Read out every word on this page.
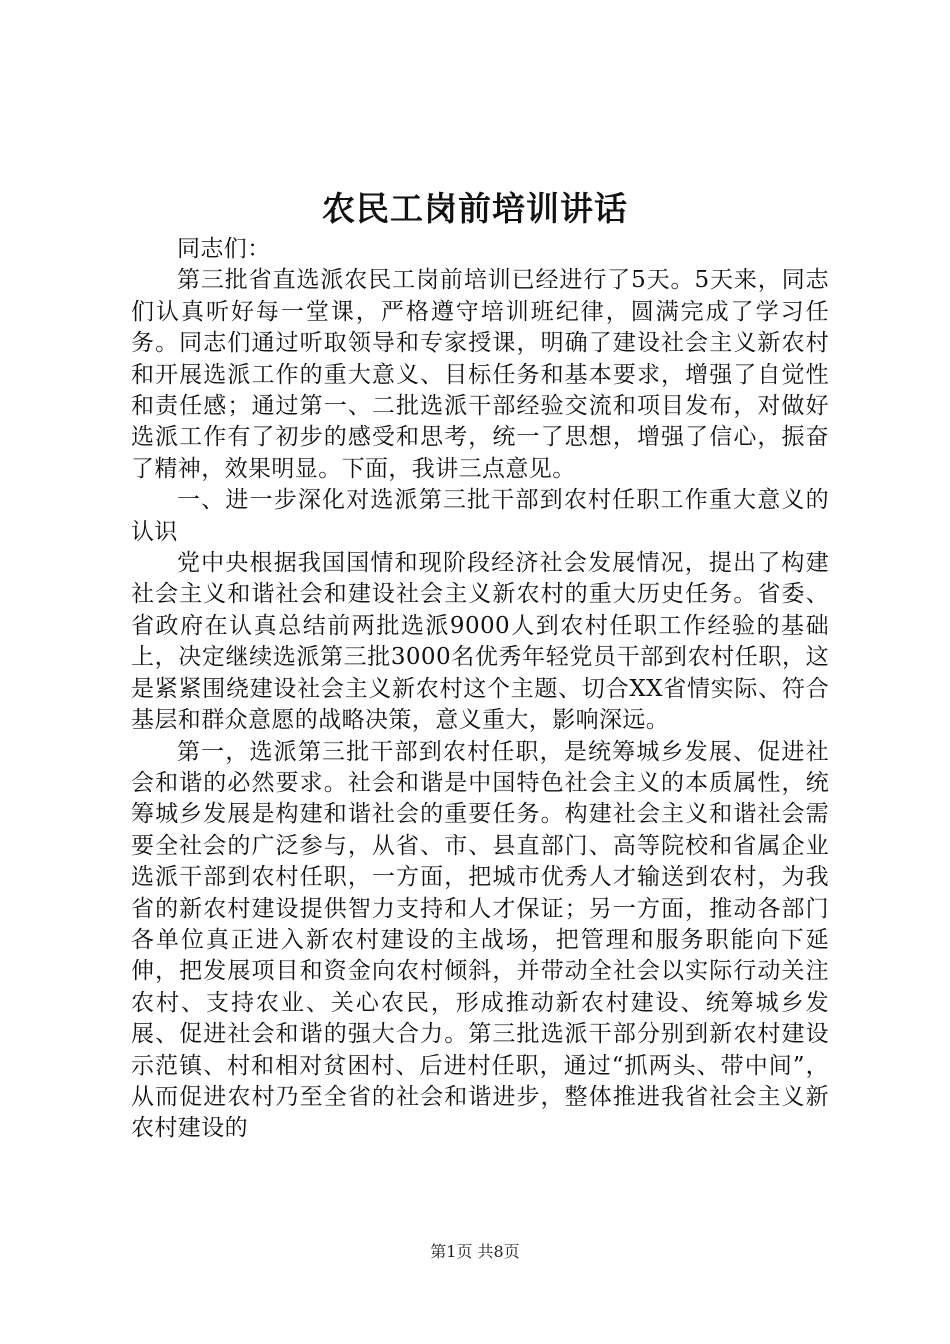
农民工岗前培训讲话

同志们：

第三批省直选派农民工岗前培训已经进行了5天。5天来，同志们认真听好每一堂课，严格遵守培训班纪律，圆满完成了学习任务。同志们通过听取领导和专家授课，明确了建设社会主义新农村和开展选派工作的重大意义、目标任务和基本要求，增强了自觉性和责任感；通过第一、二批选派干部经验交流和项目发布，对做好选派工作有了初步的感受和思考，统一了思想，增强了信心，振奋了精神，效果明显。下面，我讲三点意见。

一、进一步深化对选派第三批干部到农村任职工作重大意义的认识

党中央根据我国国情和现阶段经济社会发展情况，提出了构建社会主义和谐社会和建设社会主义新农村的重大历史任务。省委、省政府在认真总结前两批选派9000人到农村任职工作经验的基础上，决定继续选派第三批3000名优秀年轻党员干部到农村任职，这是紧紧围绕建设社会主义新农村这个主题、切合XX省情实际、符合基层和群众意愿的战略决策，意义重大，影响深远。

第一，选派第三批干部到农村任职，是统筹城乡发展、促进社会和谐的必然要求。社会和谐是中国特色社会主义的本质属性，统筹城乡发展是构建和谐社会的重要任务。构建社会主义和谐社会需要全社会的广泛参与，从省、市、县直部门、高等院校和省属企业选派干部到农村任职，一方面，把城市优秀人才输送到农村，为我省的新农村建设提供智力支持和人才保证；另一方面，推动各部门各单位真正进入新农村建设的主战场，把管理和服务职能向下延伸，把发展项目和资金向农村倾斜，并带动全社会以实际行动关注农村、支持农业、关心农民，形成推动新农村建设、统筹城乡发展、促进社会和谐的强大合力。第三批选派干部分别到新农村建设示范镇、村和相对贫困村、后进村任职，通过“抓两头、带中间”，从而促进农村乃至全省的社会和谐进步，整体推进我省社会主义新农村建设的

第1页 共8页
